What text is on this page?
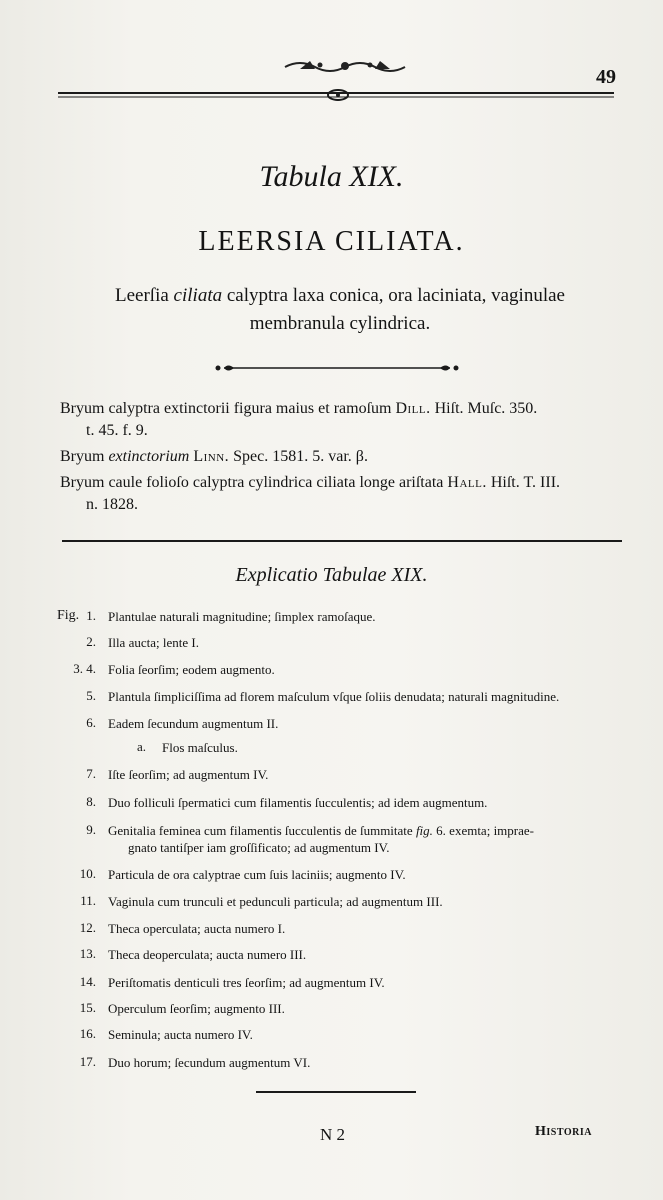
49
Tabula XIX.
LEERSIA CILIATA.
Leerſia ciliata calyptra laxa conica, ora laciniata, vaginulae
membranula cylindrica.

Bryum calyptra extinctorii figura maius et ramoſum Dill. Hiſt. Muſc. 350.
t. 45. f. 9.

Bryum extinctorium Linn. Spec. 1581. 5. var. β.

Bryum caule folioſo calyptra cylindrica ciliata longe ariſtata Hall. Hiſt. T. III.
n. 1828.

Explicatio Tabulae XIX.
Fig. 1. Plantulae naturali magnitudine; ſimplex ramoſaque.
2. Illa aucta; lente I.
3. 4. Folia ſeorſim; eodem augmento.
5. Plantula ſimpliciſſima ad florem maſculum vſque ſoliis denudata; naturali magnitudine.
6. Eadem ſecundum augmentum II.
a. Flos maſculus.
7. Iſte ſeorſim; ad augmentum IV.
8. Duo folliculi ſpermatici cum filamentis ſucculentis; ad idem augmentum.
9. Genitalia feminea cum filamentis ſucculentis de ſummitate fig. 6. exemta; imprae-
gnato tantiſper iam groſſificato; ad augmentum IV.
10. Particula de ora calyptrae cum ſuis laciniis; augmento IV.
11. Vaginula cum trunculi et pedunculi particula; ad augmentum III.
12. Theca operculata; aucta numero I.
13. Theca deoperculata; aucta numero III.
14. Periſtomatis denticuli tres ſeorſim; ad augmentum IV.
15. Operculum ſeorſim; augmento III.
16. Seminula; aucta numero IV.
17. Duo horum; ſecundum augmentum VI.
N 2	Historia
